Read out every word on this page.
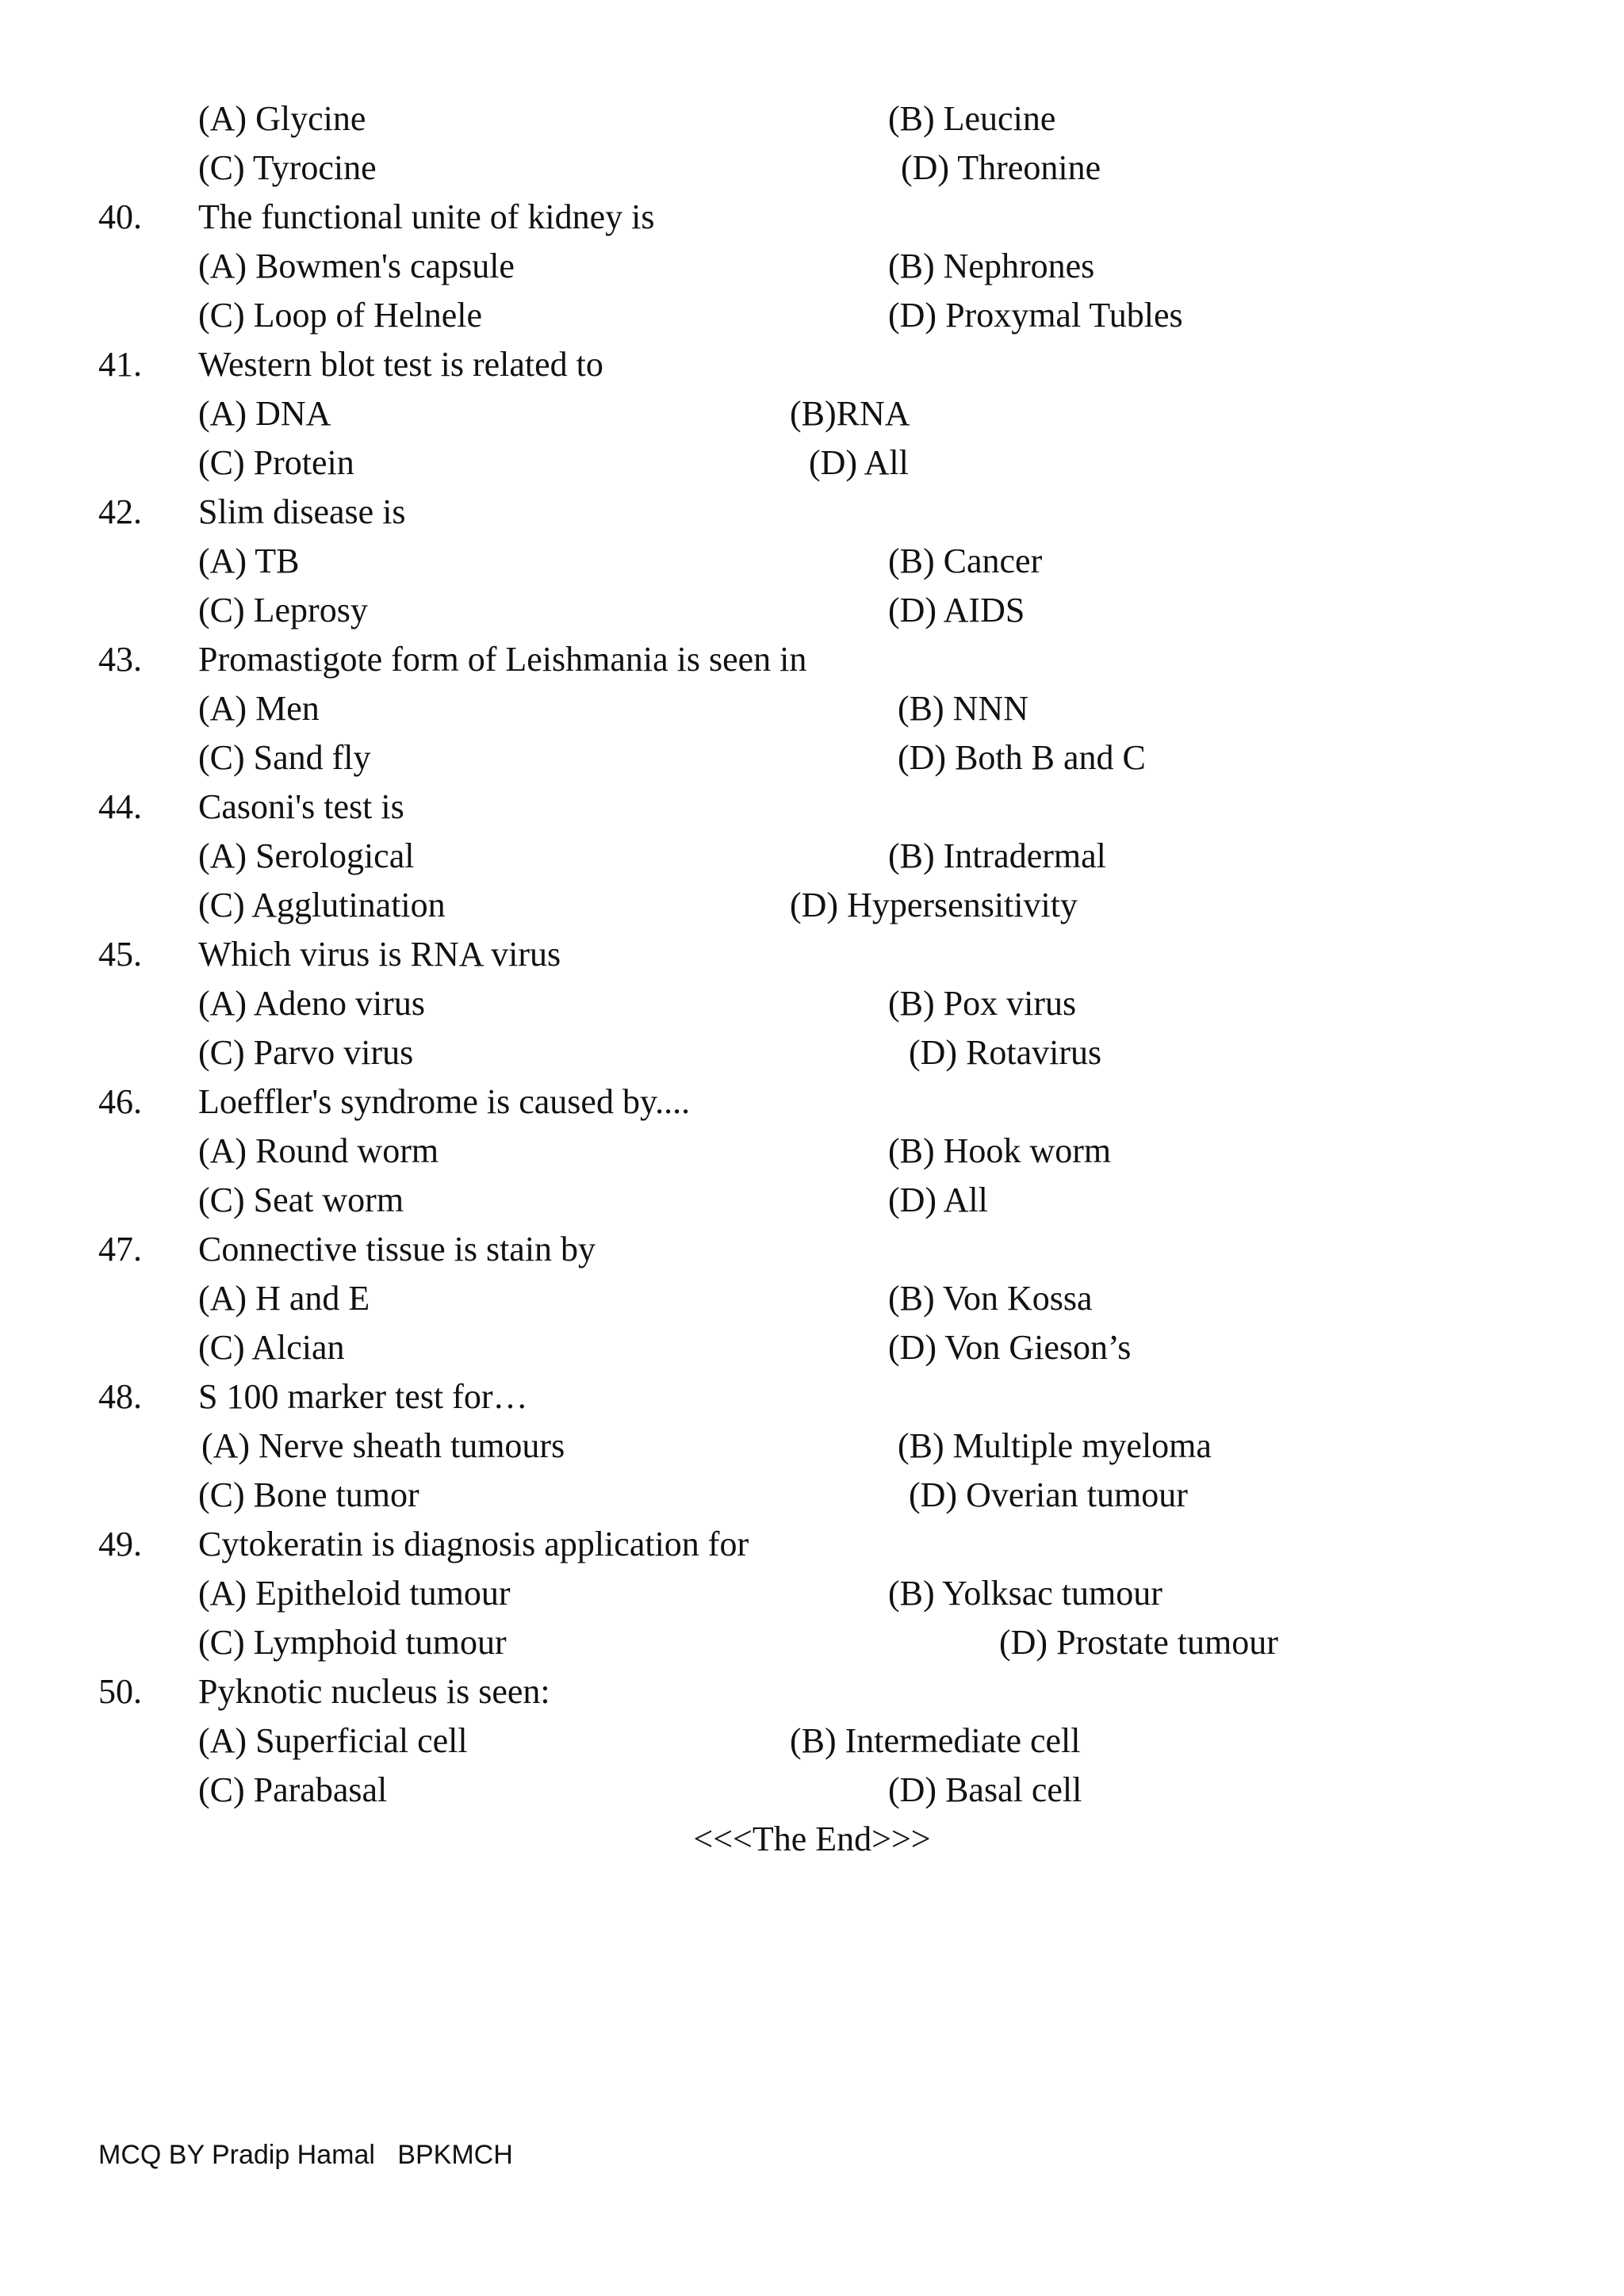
(A) Glycine	(B) Leucine
(C) Tyrocine	(D) Threonine
40. The functional unite of kidney is
(A) Bowmen's capsule	(B) Nephrones
(C) Loop of Helnele	(D) Proxymal Tubles
41. Western blot test is related to
(A) DNA	(B)RNA
(C) Protein	(D) All
42. Slim disease is
(A) TB	(B) Cancer
(C) Leprosy	(D) AIDS
43. Promastigote form of Leishmania is seen in
(A) Men	(B) NNN
(C) Sand fly	(D) Both B and C
44. Casoni's test is
(A) Serological	(B) Intradermal
(C) Agglutination	(D) Hypersensitivity
45. Which virus is RNA virus
(A) Adeno virus	(B) Pox virus
(C) Parvo virus	(D) Rotavirus
46. Loeffler's syndrome is caused by....
(A) Round worm	(B) Hook worm
(C) Seat worm	(D) All
47. Connective tissue is stain by
(A) H and E	(B) Von Kossa
(C) Alcian	(D) Von Gieson’s
48. S 100 marker test for…
(A) Nerve sheath tumours	(B) Multiple myeloma
(C) Bone tumor	(D) Overian tumour
49. Cytokeratin is diagnosis application for
(A) Epitheloid tumour	(B) Yolksac tumour
(C) Lymphoid tumour	(D) Prostate tumour
50. Pyknotic nucleus is seen:
(A) Superficial cell	(B) Intermediate cell
(C) Parabasal	(D) Basal cell
<<<The End>>>
MCQ BY Pradip Hamal BPKMCH
